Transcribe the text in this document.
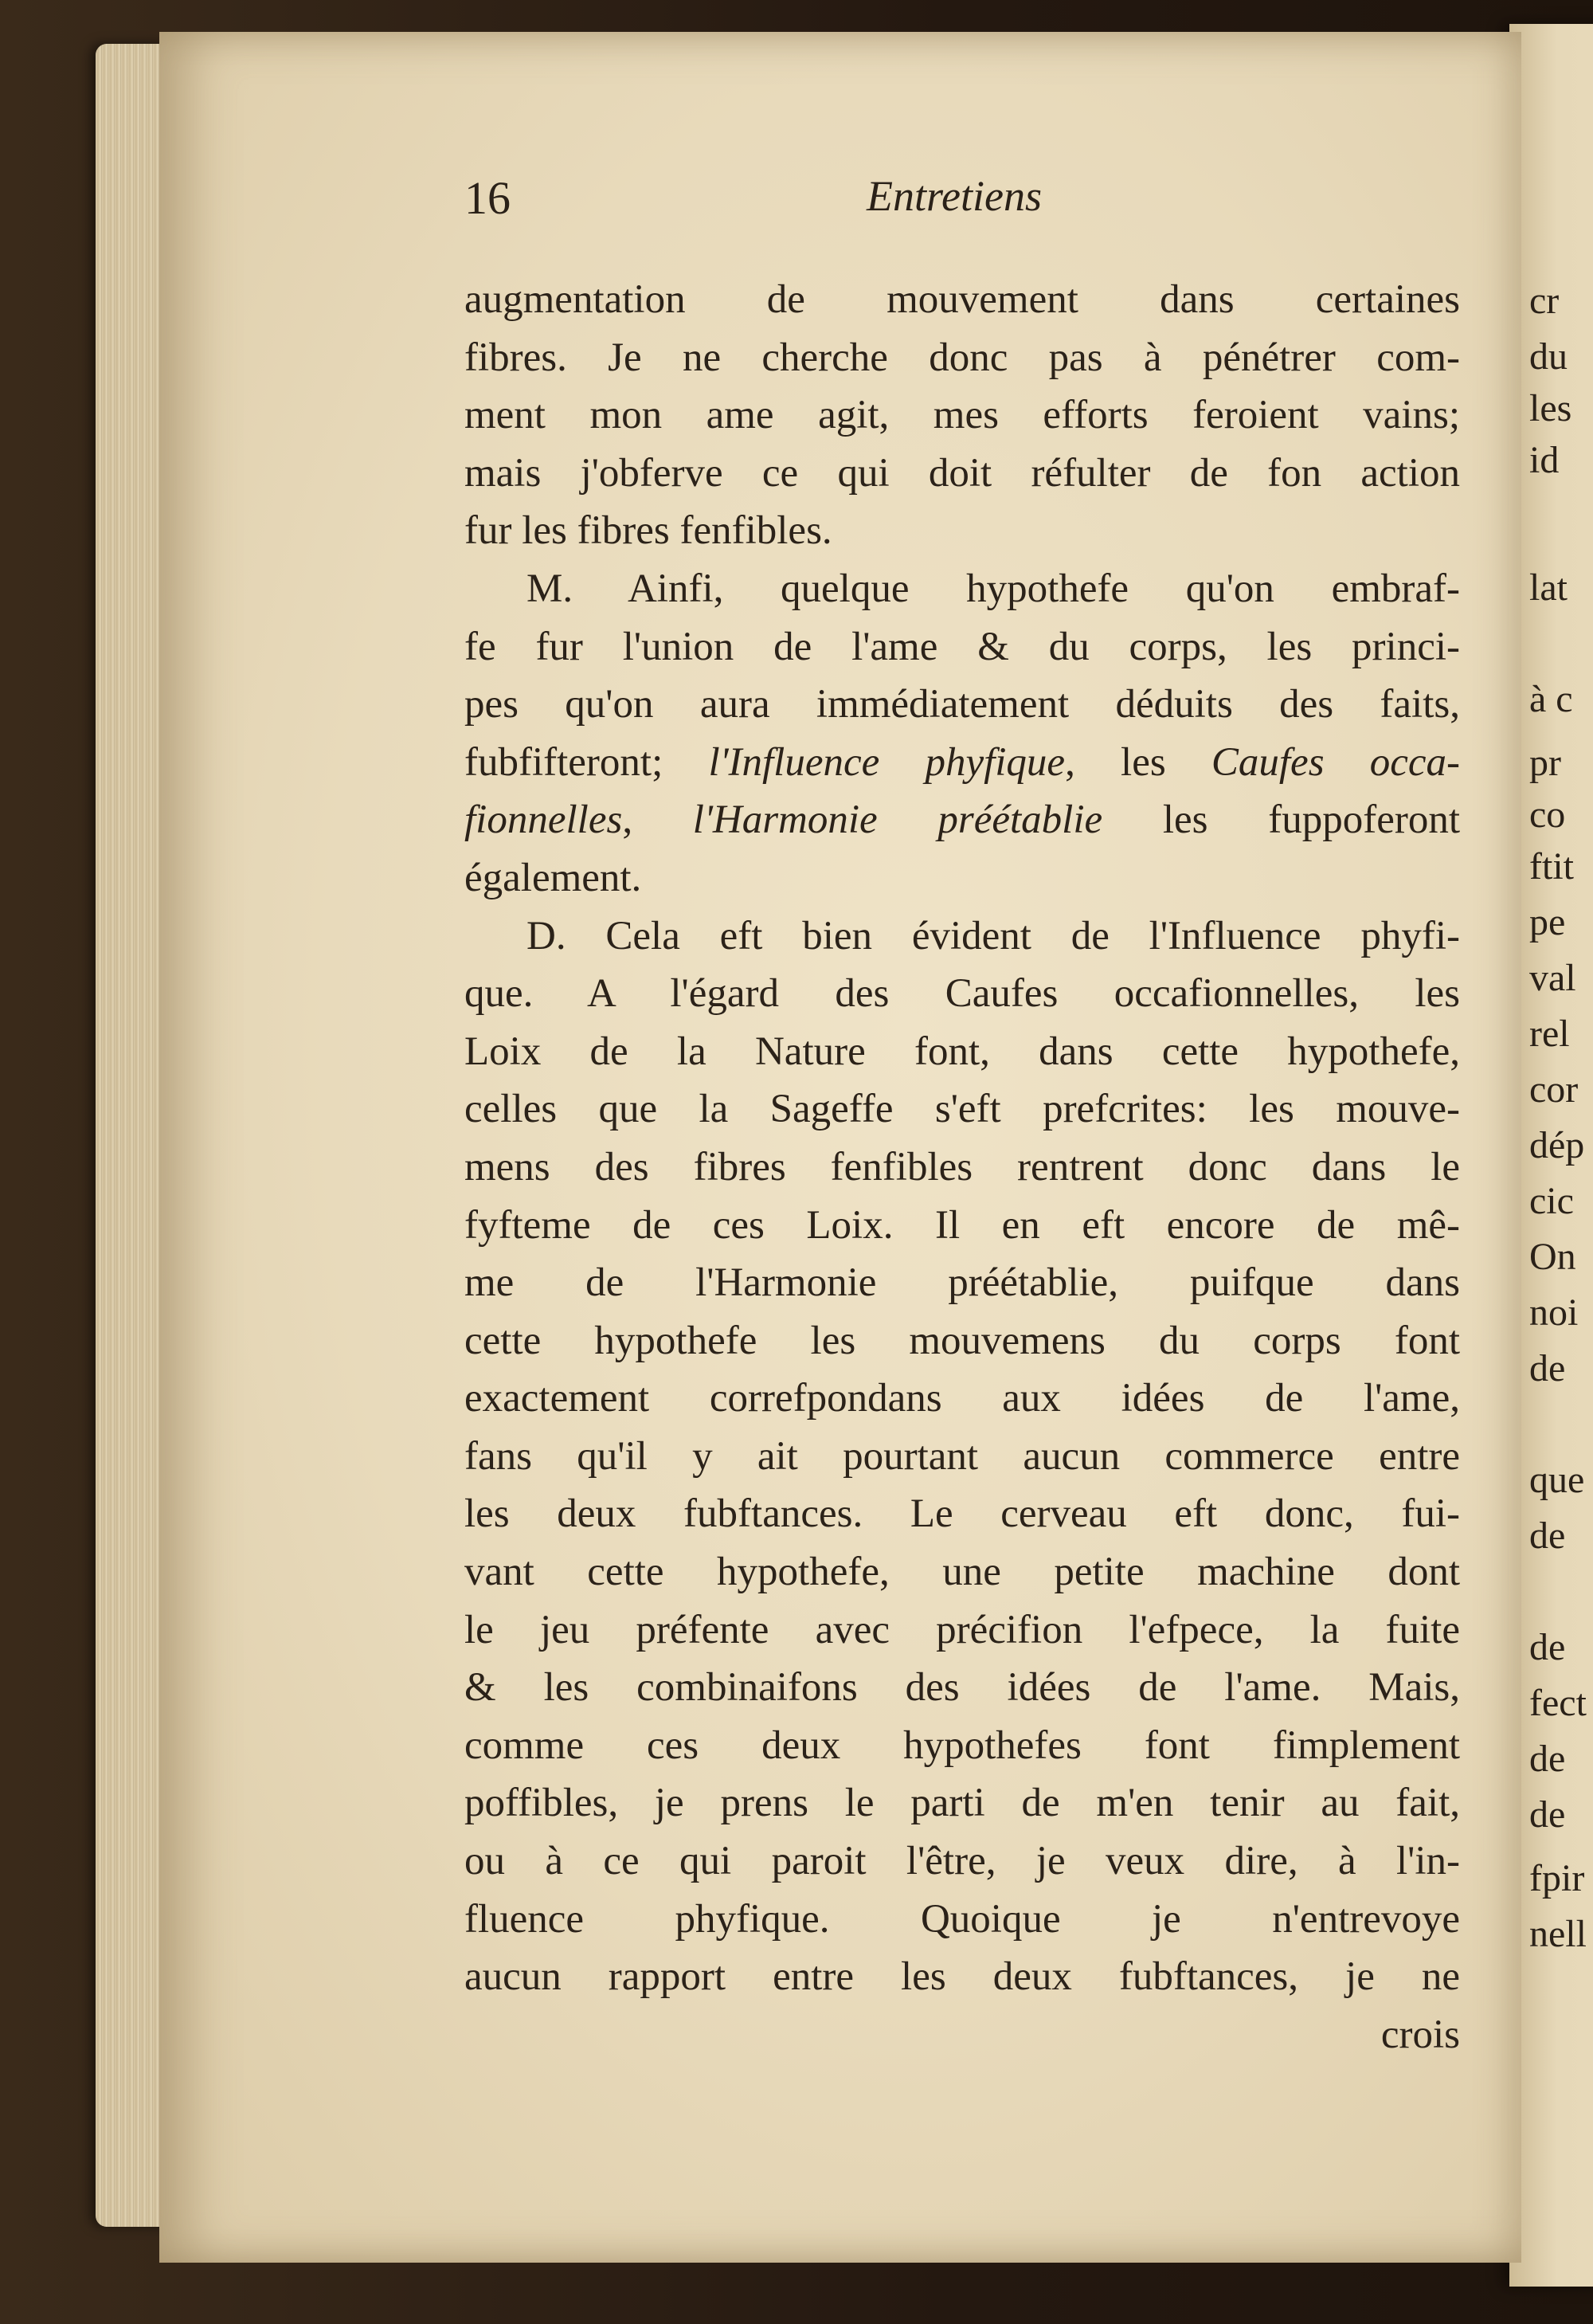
cr
du
les
id
lat
à c
pr
co
ftit
pe
val
rel
cor
dép
cic
On
noi
de
que
de
de
fect
de
de
fpir
nell
16	Entretiens
augmentation de mouvement dans certaines
fibres. Je ne cherche donc pas à pénétrer com-
ment mon ame agit, mes efforts feroient vains;
mais j'obferve ce qui doit réfulter de fon action
fur les fibres fenfibles.
M. Ainfi, quelque hypothefe qu'on embraf-
fe fur l'union de l'ame & du corps, les princi-
pes qu'on aura immédiatement déduits des faits,
fubfifteront; l'Influence phyfique, les Caufes occa-
fionnelles, l'Harmonie préétablie les fuppoferont
également.
D. Cela eft bien évident de l'Influence phyfi-
que. A l'égard des Caufes occafionnelles, les
Loix de la Nature font, dans cette hypothefe,
celles que la Sageffe s'eft prefcrites: les mouve-
mens des fibres fenfibles rentrent donc dans le
fyfteme de ces Loix. Il en eft encore de mê-
me de l'Harmonie préétablie, puifque dans
cette hypothefe les mouvemens du corps font
exactement correfpondans aux idées de l'ame,
fans qu'il y ait pourtant aucun commerce entre
les deux fubftances. Le cerveau eft donc, fui-
vant cette hypothefe, une petite machine dont
le jeu préfente avec précifion l'efpece, la fuite
& les combinaifons des idées de l'ame. Mais,
comme ces deux hypothefes font fimplement
poffibles, je prens le parti de m'en tenir au fait,
ou à ce qui paroit l'être, je veux dire, à l'in-
fluence phyfique. Quoique je n'entrevoye
aucun rapport entre les deux fubftances, je ne
crois
